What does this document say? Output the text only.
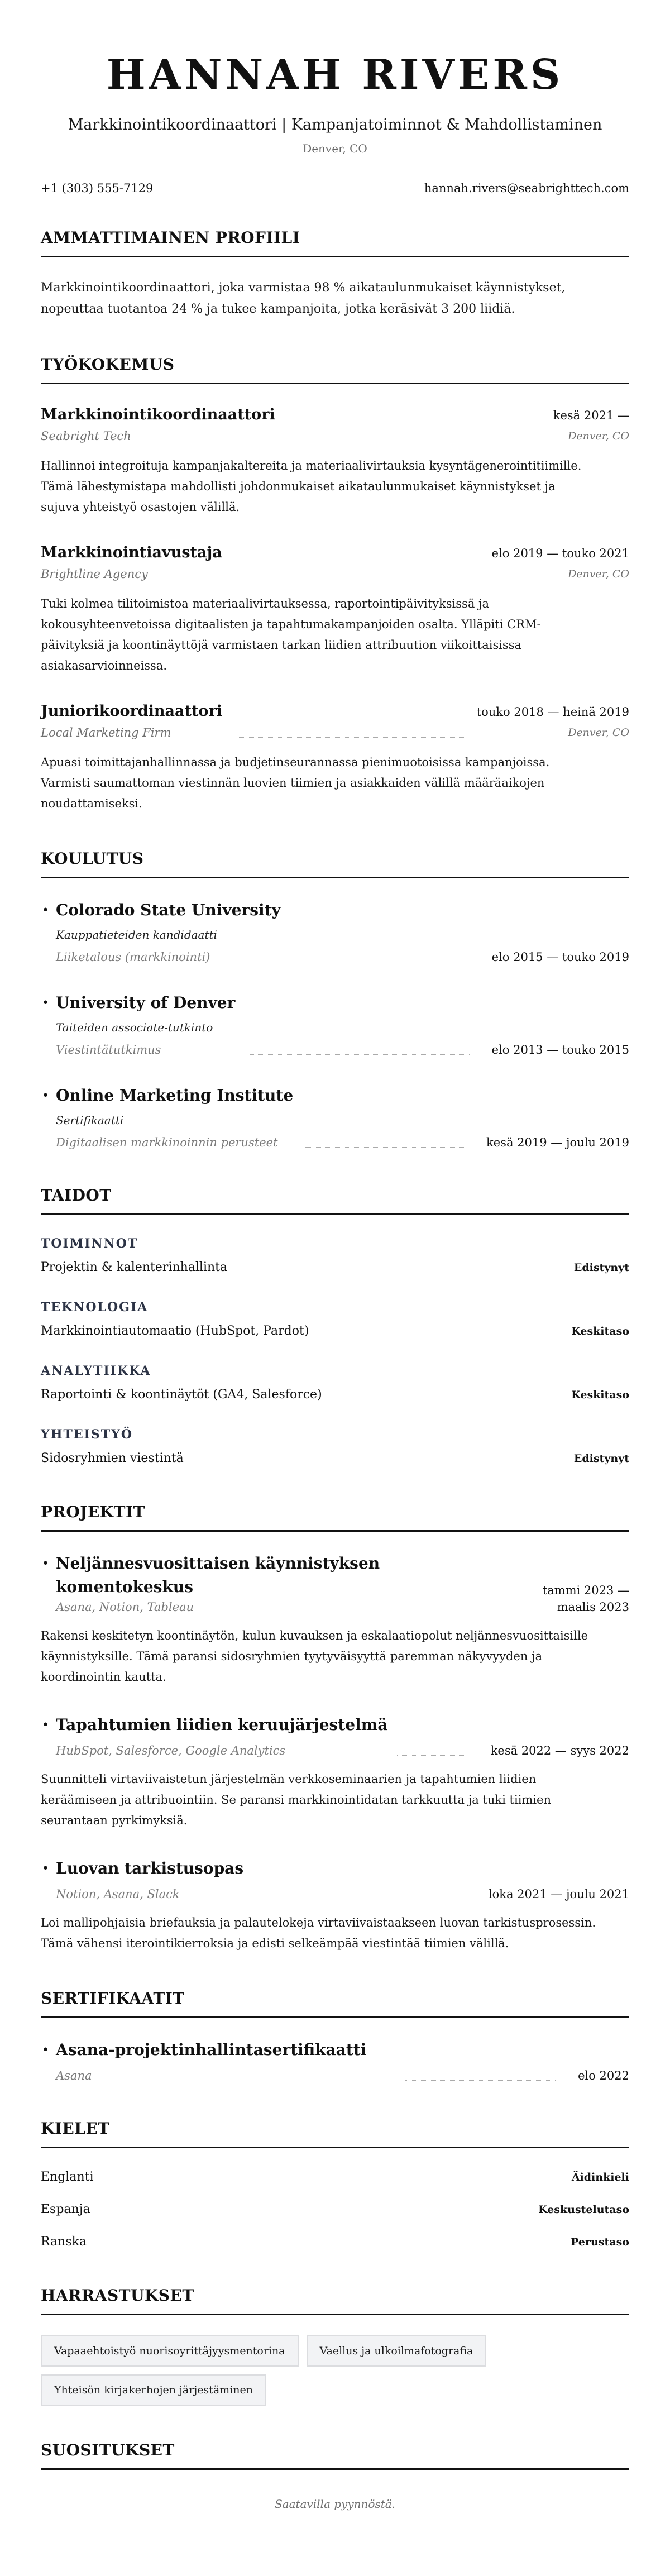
HANNAH RIVERS
Markkinointikoordinaattori | Kampanjatoiminnot & Mahdollistaminen
Denver, CO
+1 (303) 555-7129	hannah.rivers@seabrighttech.com
AMMATTIMAINEN PROFIILI

Markkinointikoordinaattori, joka varmistaa 98 % aikataulunmukaiset käynnistykset, nopeuttaa tuotantoa 24 % ja tukee kampanjoita, jotka keräsivät 3 200 liidiä.

TYÖKOKEMUS
Markkinointikoordinaattori	kesä 2021 —
Seabright Tech	Denver, CO

Hallinnoi integroituja kampanjakaltereita ja materiaalivirtauksia kysyntägenerointitiimille. Tämä lähestymistapa mahdollisti johdonmukaiset aikataulunmukaiset käynnistykset ja sujuva yhteistyö osastojen välillä.

Markkinointiavustaja	elo 2019 — touko 2021
Brightline Agency	Denver, CO

Tuki kolmea tilitoimistoa materiaalivirtauksessa, raportointipäivityksissä ja kokousyhteenvetoissa digitaalisten ja tapahtumakampanjoiden osalta. Ylläpiti CRM-päivityksiä ja koontinäyttöjä varmistaen tarkan liidien attribuution viikoittaisissa asiakasarvioinneissa.

Juniorikoordinaattori	touko 2018 — heinä 2019
Local Marketing Firm	Denver, CO

Apuasi toimittajanhallinnassa ja budjetinseurannassa pienimuotoisissa kampanjoissa. Varmisti saumattoman viestinnän luovien tiimien ja asiakkaiden välillä määräaikojen noudattamiseksi.

KOULUTUS
• Colorado State University
Kauppatieteiden kandidaatti
Liiketalous (markkinointi)	elo 2015 — touko 2019
• University of Denver
Taiteiden associate-tutkinto
Viestintätutkimus	elo 2013 — touko 2015
• Online Marketing Institute
Sertifikaatti
Digitaalisen markkinoinnin perusteet	kesä 2019 — joulu 2019
TAIDOT
TOIMINNOT
Projektin & kalenterinhallinta	Edistynyt
TEKNOLOGIA
Markkinointiautomaatio (HubSpot, Pardot)	Keskitaso
ANALYTIIKKA
Raportointi & koontinäytöt (GA4, Salesforce)	Keskitaso
YHTEISTYÖ
Sidosryhmien viestintä	Edistynyt
PROJEKTIT
• Neljännesvuosittaisen käynnistyksen komentokeskus
Asana, Notion, Tableau
tammi 2023 — maalis 2023

Rakensi keskitetyn koontinäytön, kulun kuvauksen ja eskalaatiopolut neljännesvuosittaisille käynnistyksille. Tämä paransi sidosryhmien tyytyväisyyttä paremman näkyvyyden ja koordinointin kautta.

• Tapahtumien liidien keruujärjestelmä
HubSpot, Salesforce, Google Analytics	kesä 2022 — syys 2022

Suunnitteli virtaviivaistetun järjestelmän verkkoseminaarien ja tapahtumien liidien keräämiseen ja attribuointiin. Se paransi markkinointidatan tarkkuutta ja tuki tiimien seurantaan pyrkimyksiä.

• Luovan tarkistusopas
Notion, Asana, Slack	loka 2021 — joulu 2021

Loi mallipohjaisia briefauksia ja palautelokeja virtaviivaistaakseen luovan tarkistusprosessin. Tämä vähensi iterointikierroksia ja edisti selkeämpää viestintää tiimien välillä.

SERTIFIKAATIT
• Asana-projektinhallintasertifikaatti
Asana	elo 2022
KIELET
Englanti	Äidinkieli
Espanja	Keskustelutaso
Ranska	Perustaso
HARRASTUKSET
Vapaaehtoistyö nuorisoyrittäjyysmentorina	Vaellus ja ulkoilmafotografia
Yhteisön kirjakerhojen järjestäminen
SUOSITUKSET

Saatavilla pyynnöstä.
